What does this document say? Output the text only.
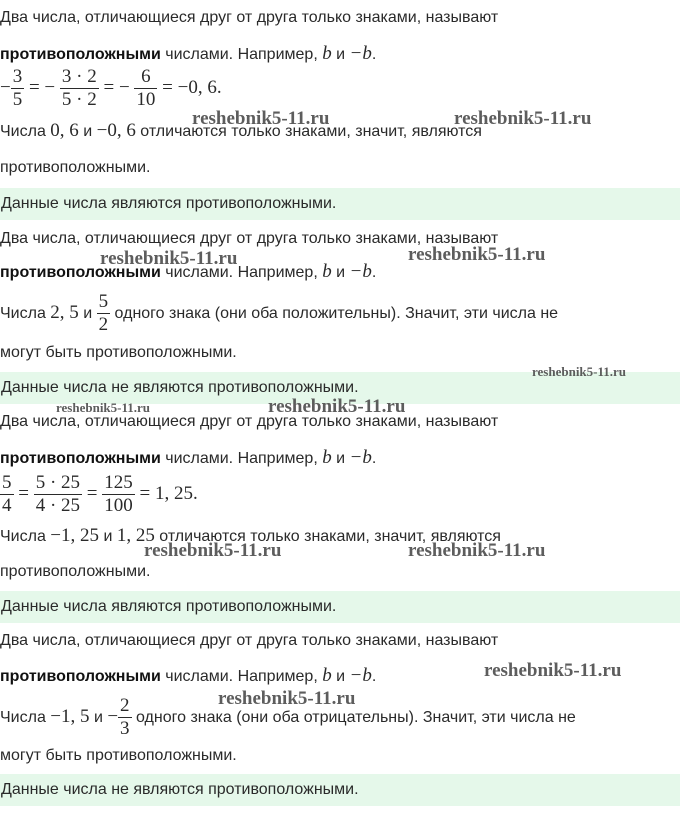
Два числа, отличающиеся друг от друга только знаками, называют
противоположными числами. Например, b и −b.
− $\frac{3}{5}$ = − $\frac{3 \cdot 2}{5 \cdot 2}$ = − $\frac{6}{10} = -0$, 6.
Числа 0, 6 и −0, 6 отличаются только знаками, значит, являются
противоположными.
Данные числа являются противоположными.
Два числа, отличающиеся друг от друга только знаками, называют
противоположными числами. Например, b и −b.
Числа 2, 5 и $\frac{5}{2}$ одного знака (они оба положительны). Значит, эти числа не
могут быть противоположными.
Данные числа не являются противоположными.
Два числа, отличающиеся друг от друга только знаками, называют
противоположными числами. Например, b и −b.
$\frac{5}{4} = \frac{5 \cdot 25}{4 \cdot 25} = \frac{125}{100} = 1$, 25.
Числа −1, 25 и 1, 25 отличаются только знаками, значит, являются
противоположными.
Данные числа являются противоположными.
Два числа, отличающиеся друг от друга только знаками, называют
противоположными числами. Например, b и −b.
Числа −1, 5 $и - \frac{2}{3}$ одного знака (они оба отрицательны). Значит, эти числа не
могут быть противоположными.
Данные числа не являются противоположными.
reshebnik5-11.ru	reshebnik5-11.ru
reshebnik5-11.ru	reshebnik5-11.ru
reshebnik5-11.ru
reshebnik5-11.ru	reshebnik5-11.ru
reshebnik5-11.ru	reshebnik5-11.ru
reshebnik5-11.ru
reshebnik5-11.ru
